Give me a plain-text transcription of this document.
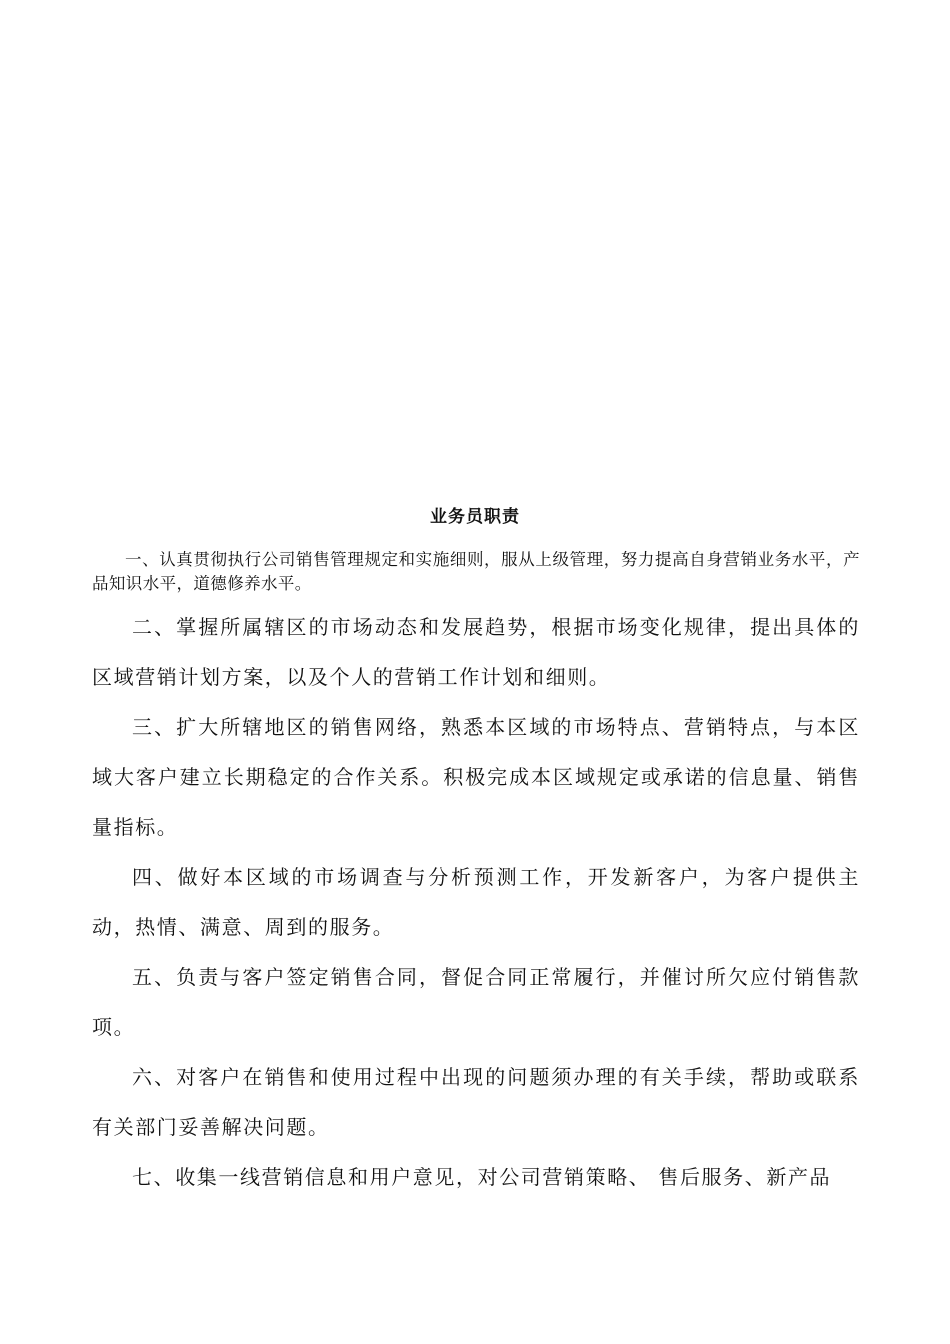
业务员职责

一、认真贯彻执行公司销售管理规定和实施细则，服从上级管理，努力提高自身营销业务水平，产品知识水平，道德修养水平。

二、掌握所属辖区的市场动态和发展趋势，根据市场变化规律，提出具体的区域营销计划方案，以及个人的营销工作计划和细则。

三、扩大所辖地区的销售网络，熟悉本区域的市场特点、营销特点，与本区域大客户建立长期稳定的合作关系。积极完成本区域规定或承诺的信息量、销售量指标。

四、做好本区域的市场调查与分析预测工作，开发新客户，为客户提供主动，热情、满意、周到的服务。

五、负责与客户签定销售合同，督促合同正常履行，并催讨所欠应付销售款项。

六、对客户在销售和使用过程中出现的问题须办理的有关手续，帮助或联系有关部门妥善解决问题。

七、收集一线营销信息和用户意见，对公司营销策略、 售后服务、新产品
